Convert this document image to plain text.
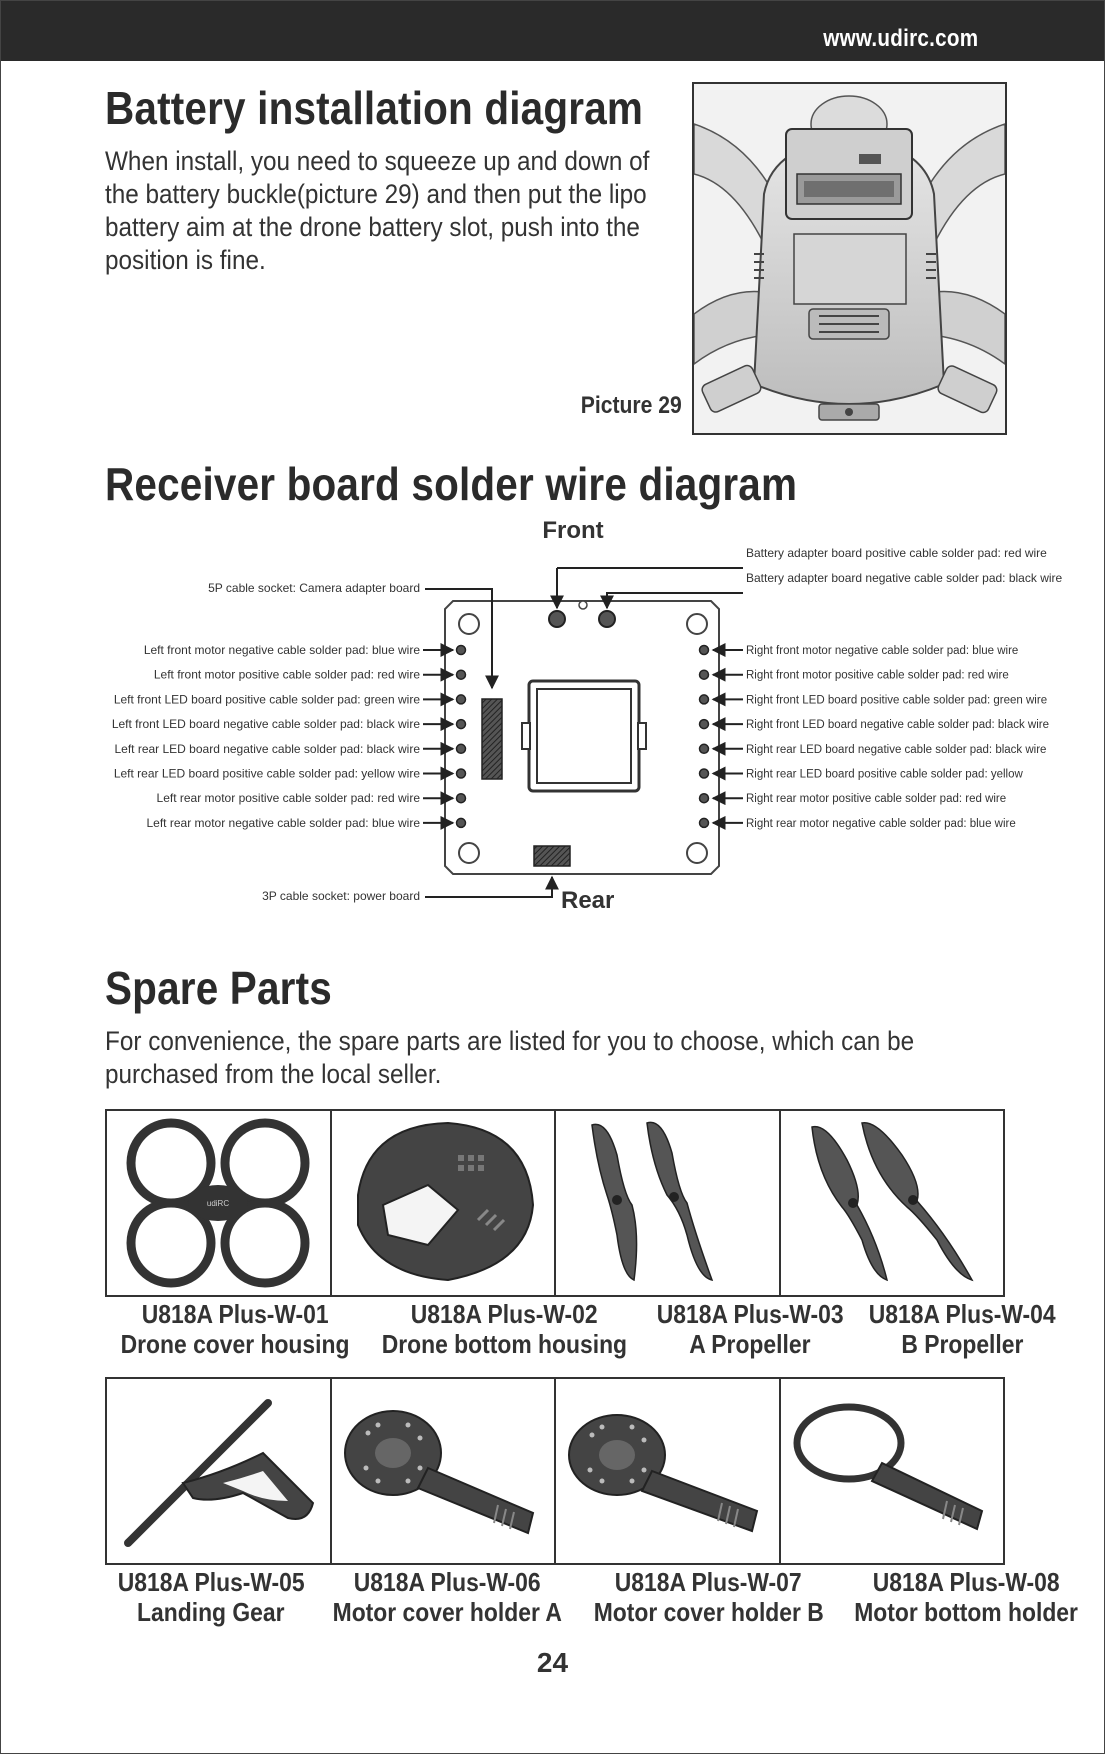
www.udirc.com
Battery installation diagram
When install, you need to squeeze up and down of
the battery buckle(picture 29) and then put the lipo
battery aim at the drone battery slot, push into the
position is fine.
Picture 29
Receiver board solder wire diagram
Front
Battery adapter board positive cable solder pad: red wire
Battery adapter board negative cable solder pad: black wire
Rear
5P cable socket: Camera adapter board
3P cable socket: power board
Left front motor negative cable solder pad: blue wire
Left front motor positive cable solder pad: red wire
Left front LED board positive cable solder pad: green wire
Left front LED board negative cable solder pad: black wire
Left rear LED board negative cable solder pad: black wire
Left rear LED board positive cable solder pad: yellow wire
Left rear motor positive cable solder pad: red wire
Left rear motor negative cable solder pad: blue wire
Right front motor negative cable solder pad: blue wire
Right front motor positive cable solder pad: red wire
Right front LED board positive cable solder pad: green wire
Right front LED board negative cable solder pad: black wire
Right rear LED board negative cable solder pad: black wire
Right rear LED board positive cable solder pad: yellow
Right rear motor positive cable solder pad: red wire
Right rear motor negative cable solder pad: blue wire
Spare Parts
For convenience, the spare parts are listed for you to choose, which can be
purchased from the local seller.
udiRC
U818A Plus-W-01
Drone cover housing
U818A Plus-W-02
Drone bottom housing
U818A Plus-W-03
A Propeller
U818A Plus-W-04
B Propeller
U818A Plus-W-05
Landing Gear
U818A Plus-W-06
Motor cover holder A
U818A Plus-W-07
Motor cover holder B
U818A Plus-W-08
Motor bottom holder
24
